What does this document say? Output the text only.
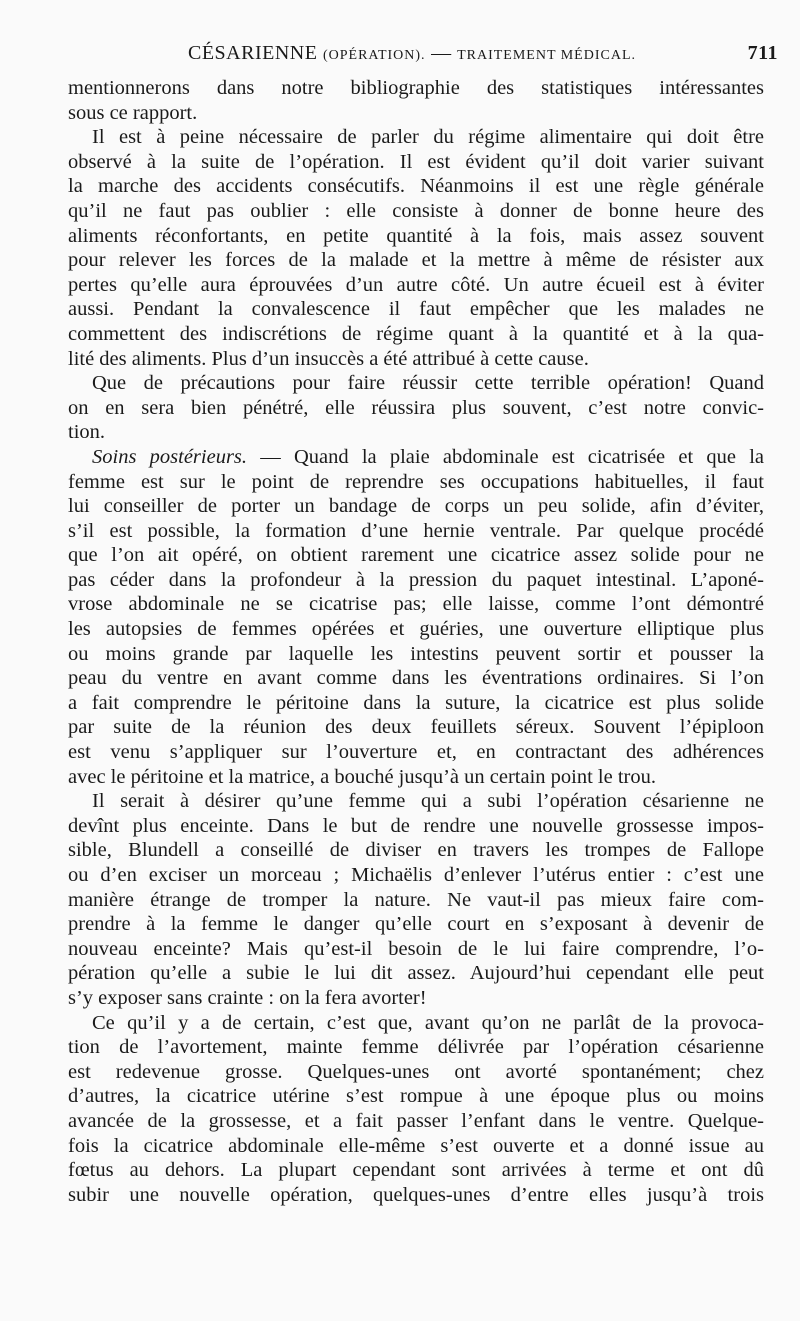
CÉSARIENNE (OPÉRATION). — TRAITEMENT MÉDICAL.	711
mentionnerons dans notre bibliographie des statistiques intéressantes
sous ce rapport.
Il est à peine nécessaire de parler du régime alimentaire qui doit être
observé à la suite de l’opération. Il est évident qu’il doit varier suivant
la marche des accidents consécutifs. Néanmoins il est une règle générale
qu’il ne faut pas oublier : elle consiste à donner de bonne heure des
aliments réconfortants, en petite quantité à la fois, mais assez souvent
pour relever les forces de la malade et la mettre à même de résister aux
pertes qu’elle aura éprouvées d’un autre côté. Un autre écueil est à éviter
aussi. Pendant la convalescence il faut empêcher que les malades ne
commettent des indiscrétions de régime quant à la quantité et à la qua-
lité des aliments. Plus d’un insuccès a été attribué à cette cause.
Que de précautions pour faire réussir cette terrible opération! Quand
on en sera bien pénétré, elle réussira plus souvent, c’est notre convic-
tion.
Soins postérieurs. — Quand la plaie abdominale est cicatrisée et que la
femme est sur le point de reprendre ses occupations habituelles, il faut
lui conseiller de porter un bandage de corps un peu solide, afin d’éviter,
s’il est possible, la formation d’une hernie ventrale. Par quelque procédé
que l’on ait opéré, on obtient rarement une cicatrice assez solide pour ne
pas céder dans la profondeur à la pression du paquet intestinal. L’aponé-
vrose abdominale ne se cicatrise pas; elle laisse, comme l’ont démontré
les autopsies de femmes opérées et guéries, une ouverture elliptique plus
ou moins grande par laquelle les intestins peuvent sortir et pousser la
peau du ventre en avant comme dans les éventrations ordinaires. Si l’on
a fait comprendre le péritoine dans la suture, la cicatrice est plus solide
par suite de la réunion des deux feuillets séreux. Souvent l’épiploon
est venu s’appliquer sur l’ouverture et, en contractant des adhérences
avec le péritoine et la matrice, a bouché jusqu’à un certain point le trou.
Il serait à désirer qu’une femme qui a subi l’opération césarienne ne
devînt plus enceinte. Dans le but de rendre une nouvelle grossesse impos-
sible, Blundell a conseillé de diviser en travers les trompes de Fallope
ou d’en exciser un morceau ; Michaëlis d’enlever l’utérus entier : c’est une
manière étrange de tromper la nature. Ne vaut-il pas mieux faire com-
prendre à la femme le danger qu’elle court en s’exposant à devenir de
nouveau enceinte? Mais qu’est-il besoin de le lui faire comprendre, l’o-
pération qu’elle a subie le lui dit assez. Aujourd’hui cependant elle peut
s’y exposer sans crainte : on la fera avorter!
Ce qu’il y a de certain, c’est que, avant qu’on ne parlât de la provoca-
tion de l’avortement, mainte femme délivrée par l’opération césarienne
est redevenue grosse. Quelques-unes ont avorté spontanément; chez
d’autres, la cicatrice utérine s’est rompue à une époque plus ou moins
avancée de la grossesse, et a fait passer l’enfant dans le ventre. Quelque-
fois la cicatrice abdominale elle-même s’est ouverte et a donné issue au
fœtus au dehors. La plupart cependant sont arrivées à terme et ont dû
subir une nouvelle opération, quelques-unes d’entre elles jusqu’à trois
